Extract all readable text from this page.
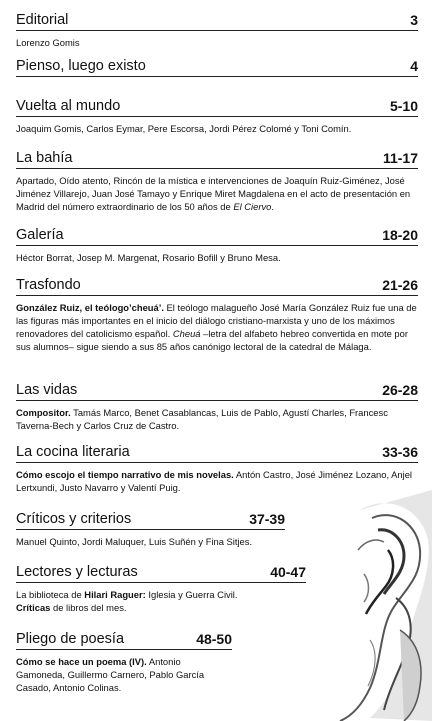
Editorial	3
Lorenzo Gomis
Pienso, luego existo	4
Vuelta al mundo	5-10
Joaquim Gomis, Carlos Eymar, Pere Escorsa, Jordi Pérez Colomé y Toni Comín.
La bahía	11-17
Apartado, Oído atento, Rincón de la mística e intervenciones de Joaquín Ruiz-Giménez, José Jiménez Villarejo, Juan José Tamayo y Enrique Miret Magdalena en el acto de presentación en Madrid del número extraordinario de los 50 años de El Ciervo.
Galería	18-20
Héctor Borrat, Josep M. Margenat, Rosario Bofill y Bruno Mesa.
Trasfondo	21-26
González Ruiz, el teólogo’cheuá’. El teólogo malagueño José María González Ruiz fue una de las figuras más importantes en el inicio del diálogo cristiano-marxista y uno de los máximos renovadores del catolicismo español. Cheuá –letra del alfabeto hebreo convertida en mote por sus alumnos– sigue siendo a sus 85 años canónigo lectoral de la catedral de Málaga.
Las vidas	26-28
Compositor. Tamás Marco, Benet Casablancas, Luis de Pablo, Agustí Charles, Francesc Taverna-Bech y Carlos Cruz de Castro.
La cocina literaria	33-36
Cómo escojo el tiempo narrativo de mis novelas. Antón Castro, José Jiménez Lozano, Anjel Lertxundi, Justo Navarro y Valentí Puig.
Críticos y criterios	37-39
Manuel Quinto, Jordi Maluquer, Luis Suñén y Fina Sitjes.
Lectores y lecturas	40-47
La biblioteca de Hilari Raguer: Iglesia y Guerra Civil.
Críticas de libros del mes.
Pliego de poesía	48-50
Cómo se hace un poema (IV). Antonio Gamoneda, Guillermo Carnero, Pablo García Casado, Antonio Colinas.
